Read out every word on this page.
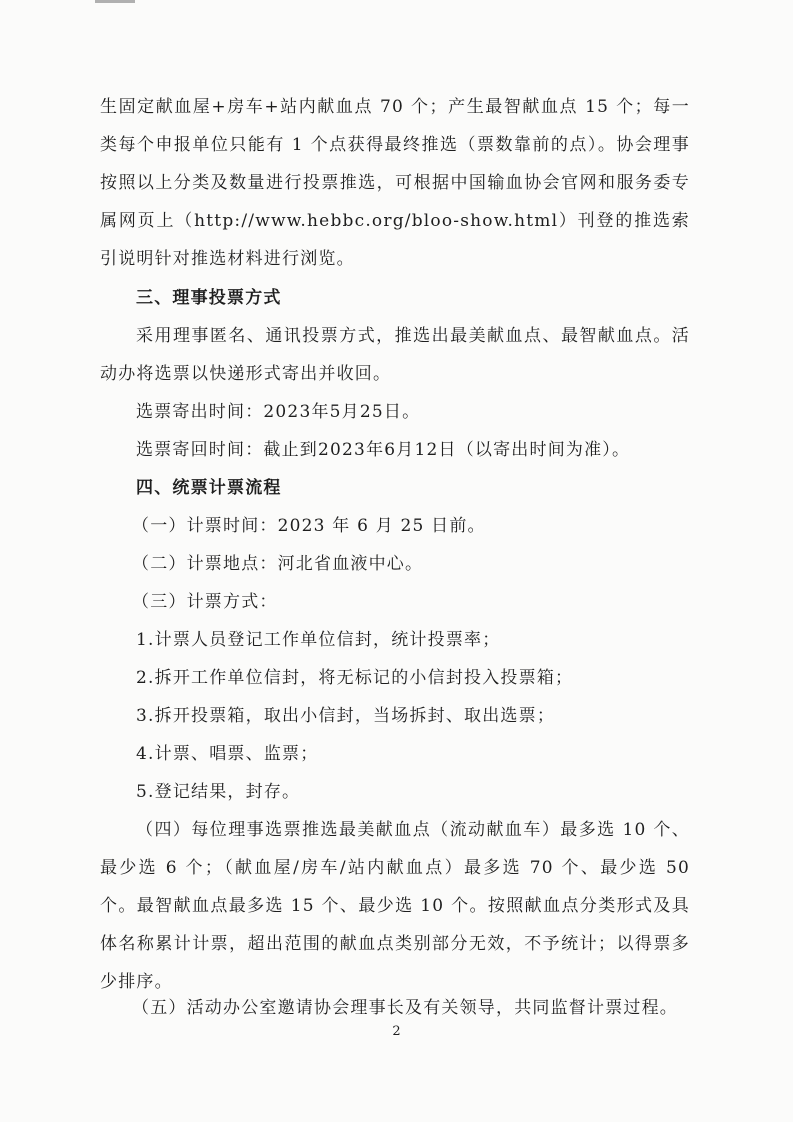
生固定献血屋+房车+站内献血点 70 个；产生最智献血点 15 个；每一类每个申报单位只能有 1 个点获得最终推选（票数靠前的点）。协会理事按照以上分类及数量进行投票推选，可根据中国输血协会官网和服务委专属网页上（http://www.hebbc.org/bloo-show.html）刊登的推选索引说明针对推选材料进行浏览。

三、理事投票方式

采用理事匿名、通讯投票方式，推选出最美献血点、最智献血点。活动办将选票以快递形式寄出并收回。

选票寄出时间：2023年5月25日。

选票寄回时间：截止到2023年6月12日（以寄出时间为准）。

四、统票计票流程

（一）计票时间：2023 年 6 月 25 日前。

（二）计票地点：河北省血液中心。

（三）计票方式：

1.计票人员登记工作单位信封，统计投票率；

2.拆开工作单位信封，将无标记的小信封投入投票箱；

3.拆开投票箱，取出小信封，当场拆封、取出选票；

4.计票、唱票、监票；

5.登记结果，封存。

（四）每位理事选票推选最美献血点（流动献血车）最多选 10 个、最少选 6 个；（献血屋/房车/站内献血点）最多选 70 个、最少选 50 个。最智献血点最多选 15 个、最少选 10 个。按照献血点分类形式及具体名称累计计票，超出范围的献血点类别部分无效，不予统计；以得票多少排序。

（五）活动办公室邀请协会理事长及有关领导，共同监督计票过程。

2
